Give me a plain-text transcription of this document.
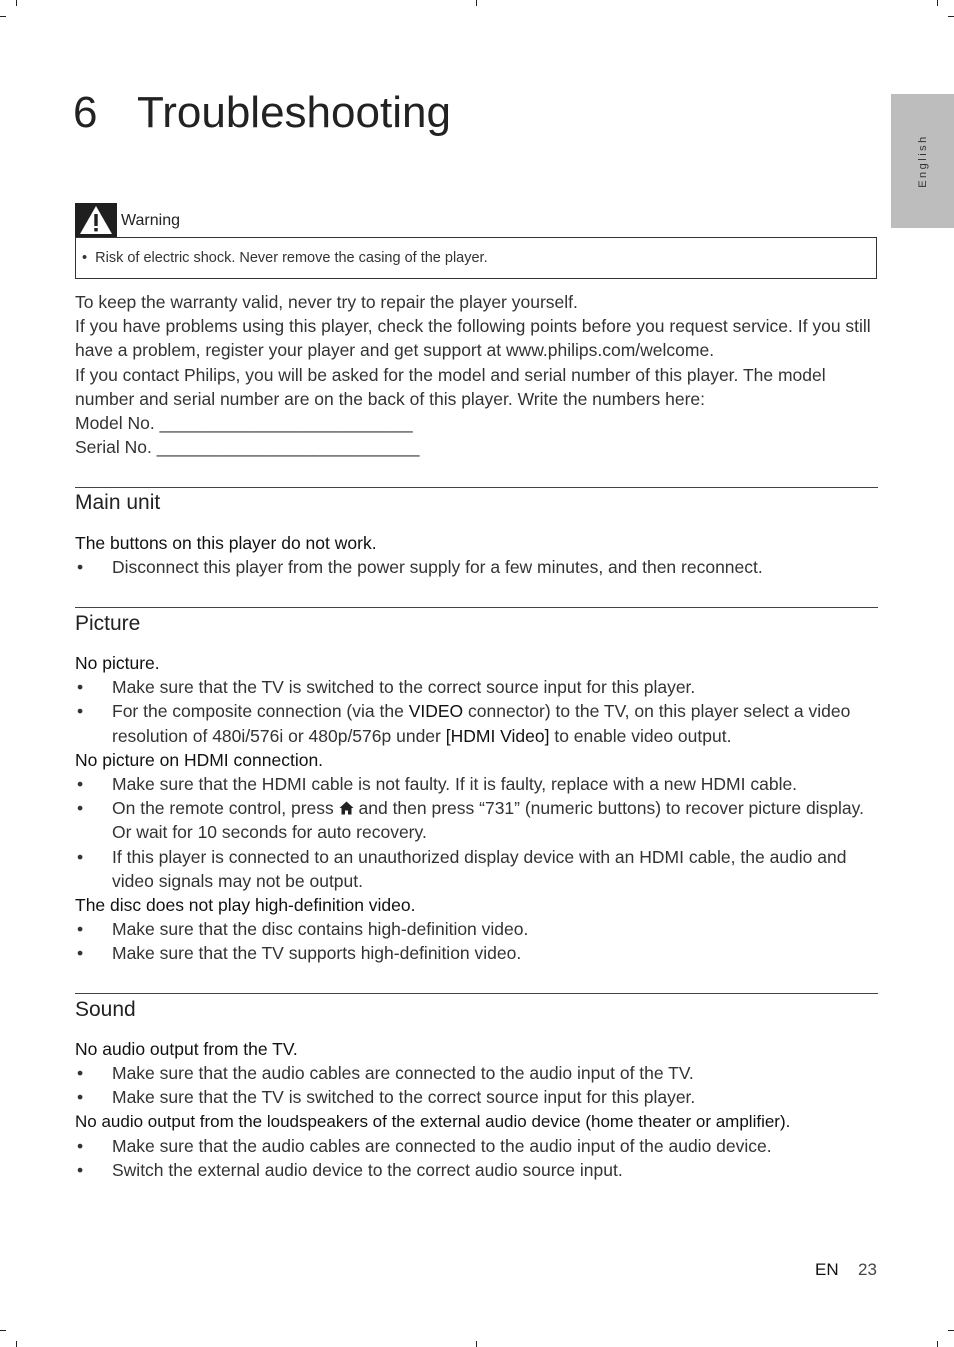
English
6 Troubleshooting
Warning

•  Risk of electric shock. Never remove the casing of the player.

To keep the warranty valid, never try to repair the player yourself.

If you have problems using this player, check the following points before you request service. If you still have a problem, register your player and get support at www.philips.com/welcome.

If you contact Philips, you will be asked for the model and serial number of this player. The model number and serial number are on the back of this player. Write the numbers here:

Model No. __________________________

Serial No. ___________________________

Main unit

The buttons on this player do not work.

• Disconnect this player from the power supply for a few minutes, and then reconnect.

Picture

No picture.

• Make sure that the TV is switched to the correct source input for this player.

• For the composite connection (via the VIDEO connector) to the TV, on this player select a video resolution of 480i/576i or 480p/576p under [HDMI Video] to enable video output.

No picture on HDMI connection.

• Make sure that the HDMI cable is not faulty. If it is faulty, replace with a new HDMI cable.

• On the remote control, press  and then press “731” (numeric buttons) to recover picture display. Or wait for 10 seconds for auto recovery.

• If this player is connected to an unauthorized display device with an HDMI cable, the audio and video signals may not be output.

The disc does not play high-definition video.

• Make sure that the disc contains high-definition video.

• Make sure that the TV supports high-definition video.

Sound

No audio output from the TV.

• Make sure that the audio cables are connected to the audio input of the TV.

• Make sure that the TV is switched to the correct source input for this player.

No audio output from the loudspeakers of the external audio device (home theater or amplifier).

• Make sure that the audio cables are connected to the audio input of the audio device.

• Switch the external audio device to the correct audio source input.

EN 23
